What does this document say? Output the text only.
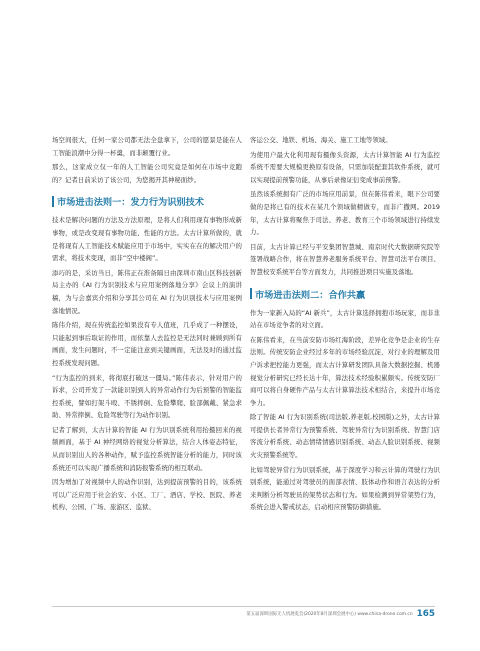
场空间很大，任何一家公司都无法全盘拿下，公司的愿景是能在人工智能浪潮中分得一杯羹，而非颠覆行业。

那么，这家成立仅一年的人工智能公司究竟是如何在市场中竞跑的？记者日前采访了该公司，为您揭开其神秘面纱。

市场进击法则一：发力行为识别技术

技术是解决问题的方法及方法原理，是将人们利用现有事物形成新事物，或是改变现有事物功能、性能的方法。太古计算所做的，就是将现有人工智能技术赋能应用于市场中，实实在在的解决用户的需求，将技术变现，而非“空中楼阁”。

添巧的是，采访当日，陈伟正在淮备隔日由深圳市南山区科技创新局主办的《AI 行为识别技术与应用案例落地分享》会议上的演讲稿，为与会嘉宾介绍和分享其公司在 AI 行为识别技术与应用案例落地情况。

陈伟介绍，现在传统监控如果没有专人值班，几乎成了一种摆设，只能起到事后取证的作用，而依靠人去监控是无法同时兼顾到所有画面，发生问题时，不一定能注意到关键画面，无法及时的通过监控系统发现问题。

“行为监控的到来，将彻底打破这一僵局。”陈伟表示，针对用户的诉求，公司开发了一款能识别到人的异常动作行为后预警的智能监控系统，譬如打架斗殴、不锈摔倒、危险攀爬、脸部佩戴、紧急求助、异常摔倒、危险驾驶等行为动作识别。

记者了解到，太古计算的智能 AI 行为识别系统利用抬摄回来的视频画面，基于 AI 神经网络的视觉分析算法，结合人体姿态特征，从而识别出人的各种动作，赋予监控系统智能分析的能力，同时该系统还可以实现广播系统和消防报警系统的相互联动。

因为增加了对视频中人的动作识别，达到提前预警的目的，该系统可以广泛应用于社会治安、小区、工厂、酒店、学校、医院、养老机构、公园、广场、旅游区、监狱、

客运公交、地铁、机场、海关、施工工地等领域。

为使用户最大化利用现有摄像头资源，太古计算智能 AI 行为监控系统不需要大规模更换原有设备，只需加装配套其软件系统，就可以实现提前预警功能，从事后录像证衍变成事前预警。

虽然该系统拥有广泛的市场应用前景，但在陈伟看来，眼下公司要做的是将已有的技术在某几个领域做精做专，而非广撒网。2019 年，太古计算将聚焦于司法、养老、教育三个市场领域进行持续发力。

目前，太古计算已经与平安集团智慧城、南京时代大数据研究院等签署战略合作，将在智慧养老服务系统平台、智慧司法平台项目、智慧校安系统平台等方面发力，共同推进项目实施及落地。

市场进击法则二：合作共赢

作为一家新入局的“AI 新兵”，太古计算选择拥抱市场玩家，而非韭站在市场竞争者的对立面。

在陈伟看来，在当前安防市场红海阶段，差异化竞争是企业的生存法则。传统安防企业经过多年的市场经验沉淀，对行业的理解及用户诉求把控能力更强，而太古计算研发团队具备大数据挖掘、机器视觉分析研究已经长达十年，算法技术经验积累颇实。传统安防厂商可以将自身硬件产品与太古计算算法技术相结合，来提升市场竞争力。

除了智能 AI 行为识别系统(司法版,养老版,校园版)之外，太古计算可提供长者异常行为预警系统、驾驶异常行为识别系统、智慧门店客流分析系统、动态情绪情感识别系统、动态人脸识别系统、视频火灾预警系统等。

比如驾驶异常行为识别系统，基于深度学习和云计算的驾驶行为识别系统，能通过对驾驶员的面部表情、肢体动作和语言表达的分析来判断分析驾驶员的架势状态和行为。如果检测到异常架势行为，系统会进入警戒状态，启动相应预警防御措施。

第五届深圳国际无人机展览会(2020年8月深圳会展中心) www.china-drone.com.cn 165
